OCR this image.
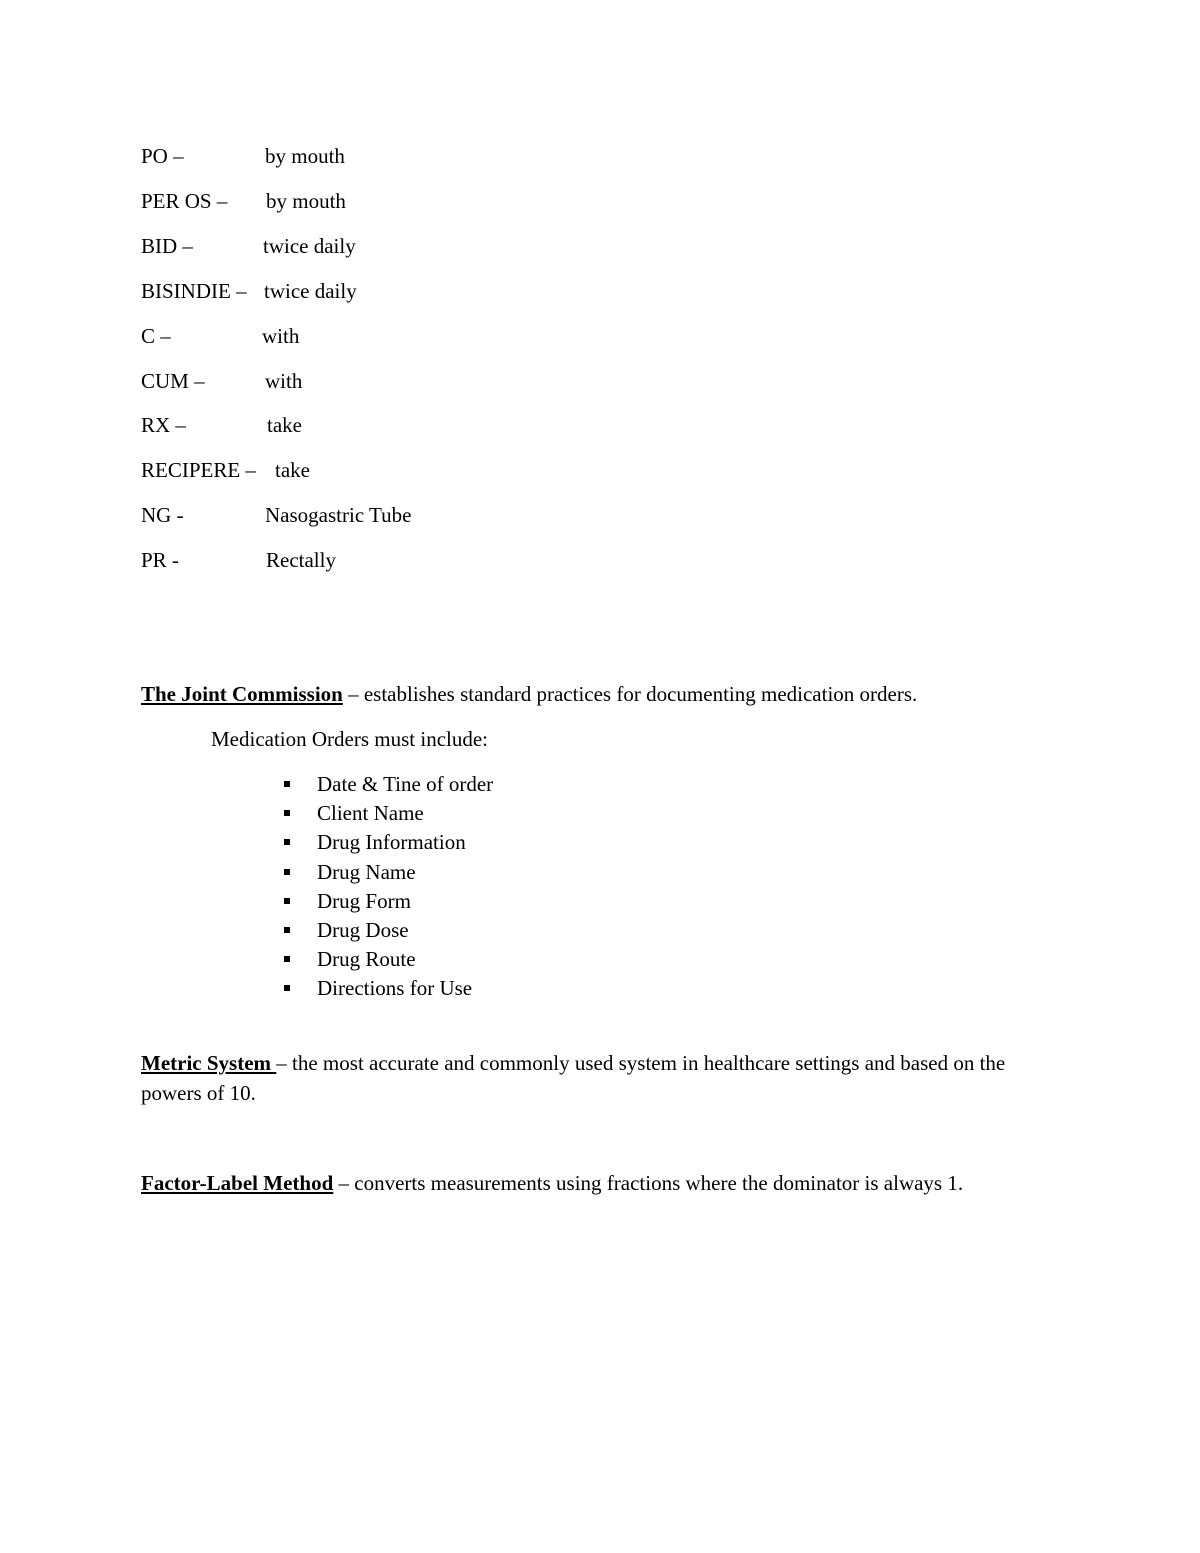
PO –	by mouth
PER OS – by mouth
BID –	twice daily
BISINDIE – twice daily
C –	with
CUM –	with
RX –	take
RECIPERE – take
NG -	Nasogastric Tube
PR -	Rectally
The Joint Commission – establishes standard practices for documenting medication orders.
Medication Orders must include:
Date & Tine of order
Client Name
Drug Information
Drug Name
Drug Form
Drug Dose
Drug Route
Directions for Use
Metric System – the most accurate and commonly used system in healthcare settings and based on the powers of 10.
Factor-Label Method – converts measurements using fractions where the dominator is always 1.
